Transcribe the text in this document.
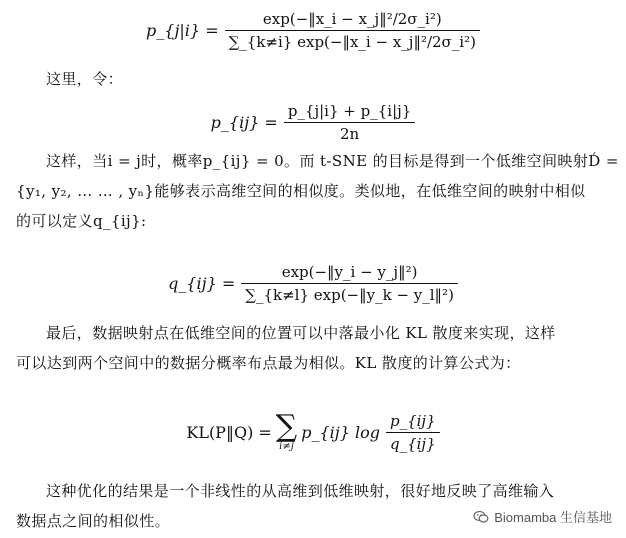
p_{j|i} = $\frac{\text{exp(−‖x\_i − x\_j‖²/2σ\_i²)}}{\text{∑\_\{k≠i\} exp(−‖x\_i − x\_j‖²/2σ\_i²)}}$
这里，令：
p_{ij} = $\frac{p\_\{j|i\} + p\_\{i|j\}}{2n}$
这样，当i = j时，概率p_{ij} = 0。而 t-SNE 的目标是得到一个低维空间映射D́ =
{y₁, y₂, … … , yₙ}能够表示高维空间的相似度。类似地，在低维空间的映射中相似
的可以定义q_{ij}:
q_{ij} = $\frac{\text{exp(−‖y\_i − y\_j‖²)}}{\text{∑\_\{k≠l\} exp(−‖y\_k − y\_l‖²)}}$
最后，数据映射点在低维空间的位置可以中落最小化 KL 散度来实现，这样
可以达到两个空间中的数据分概率布点最为相似。KL 散度的计算公式为：
KL(P‖Q) = ∑
i≠j
p_{ij} $\log \frac{p\_\{ij\}}{q\_\{ij\}}$
这种优化的结果是一个非线性的从高维到低维映射，很好地反映了高维输入
数据点之间的相似性。	Biomamba 生信基地
